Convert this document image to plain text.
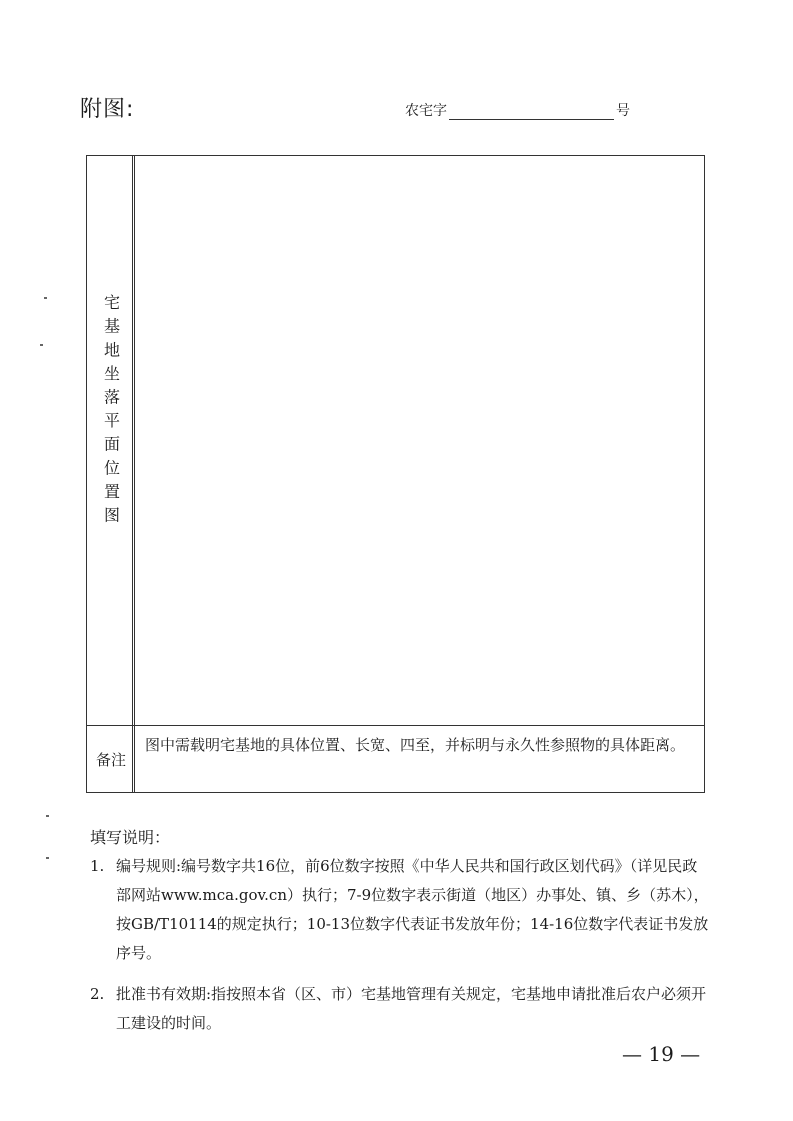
附图:	农宅字	号
宅基地坐落平面位置图
备注
图中需载明宅基地的具体位置、长宽、四至，并标明与永久性参照物的具体距离。
填写说明：
1. 编号规则:编号数字共16位，前6位数字按照《中华人民共和国行政区划代码》（详见民政部网站www.mca.gov.cn）执行；7-9位数字表示街道（地区）办事处、镇、乡（苏木），按GB/T10114的规定执行；10-13位数字代表证书发放年份；14-16位数字代表证书发放序号。
2. 批准书有效期:指按照本省（区、市）宅基地管理有关规定，宅基地申请批准后农户必须开工建设的时间。
— 19 —
